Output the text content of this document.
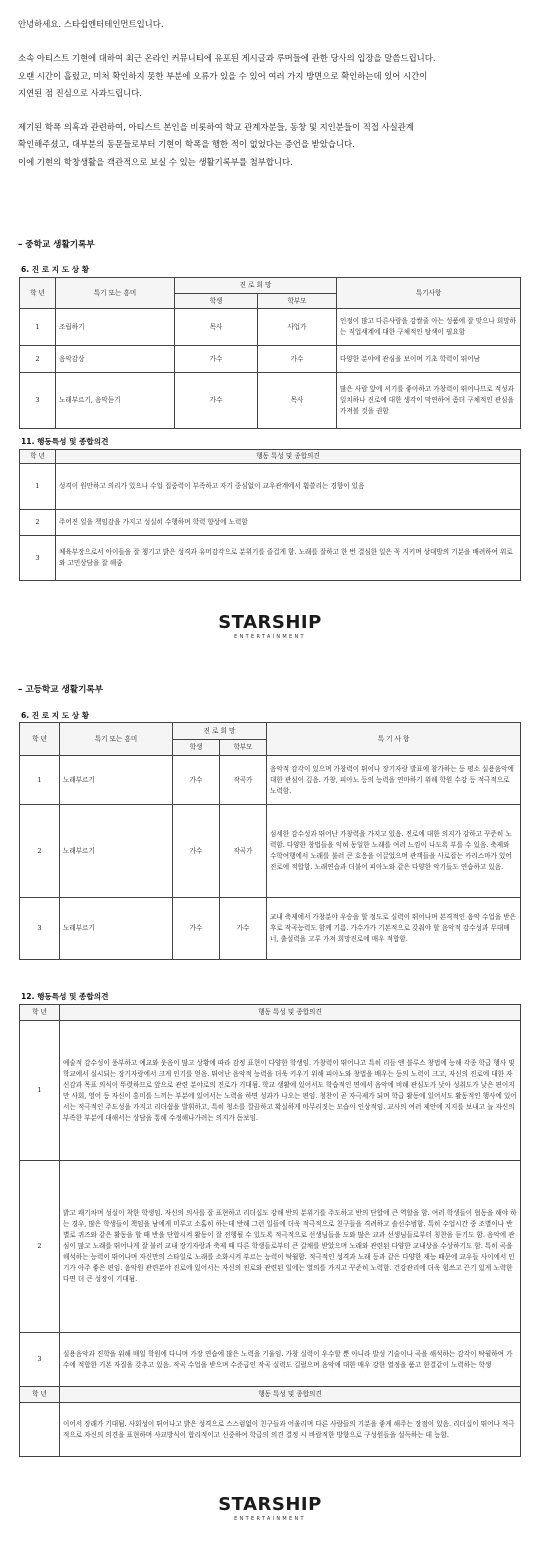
안녕하세요. 스타쉽엔터테인먼트입니다.

소속 아티스트 기현에 대하여 최근 온라인 커뮤니티에 유포된 게시글과 루머들에 관한 당사의 입장을 말씀드립니다.

오랜 시간이 흘렀고, 미처 확인하지 못한 부분에 오류가 있을 수 있어 여러 가지 방면으로 확인하는데 있어 시간이

지연된 점 진심으로 사과드립니다.

제기된 학폭 의혹과 관련하여, 아티스트 본인을 비롯하여 학교 관계자분들, 동창 및 지인분들이 직접 사실관계

확인해주셨고, 대부분의 동문들로부터 기현이 학폭을 행한 적이 없었다는 증언을 받았습니다.

이에 기현의 학창생활을 객관적으로 보실 수 있는 생활기록부를 첨부합니다.

– 중학교 생활기록부
6. 진 로 지 도 상 황
학 년	특기 또는 흥미	진 로 희 망		특기사항
		학생	학부모	
1	조립하기	목사	사업가	인정이 많고 다른사람을 감쌀줄 아는 성품에 잘 맞으나 희망하는 직업세계에 대한 구체적인 탐색이 필요함
2	음악감상	가수	가수	다양한 분야에 관심을 보이며 기초 학력이 뛰어남
3	노래부르기, 음악듣기	가수	목사	많은 사람 앞에 서기를 좋아하고 가창력이 뛰어나므로 적성과 일치하나 진로에 대한 생각이 막연하여 좀더 구체적인 관심을 가져볼 것을 권함
11. 행동특성 및 종합의견
학 년	행동 특성 및 종합의견
1	성격이 원만하고 의리가 있으나 수업 집중력이 부족하고 자기 중심없이 교우관계에서 휩쓸리는 경향이 있음
2	주어진 일을 책임감을 가지고 성실히 수행하며 학력 향상에 노력함
3	체육부장으로서 아이들을 잘 챙기고 밝은 성격과 유머감각으로 분위기를 즐겁게 함. 노래를 잘하고 한 번 결심한 일은 꼭 지키며 상대방의 기분을 배려하여 위로와 고민상담을 잘 해줌
STARSHIP
ENTERTAINMENT
– 고등학교 생활기록부
6. 진 로 지 도 상 황
학 년	특기 또는 흥미	진 로 희 망		특 기 사 항
		학생	학부모	
1	노래부르기	가수	작곡가	음악적 감각이 있으며 가창력이 뛰어나 장기자랑 발표에 참가하는 등 평소 실용음악에 대한 관심이 깊음. 가창, 피아노 등의 능력을 연마하기 위해 학원 수강 등 적극적으로 노력함.
2	노래부르기	가수	작곡가	섬세한 감수성과 뛰어난 가창력을 가지고 있음. 진로에 대한 의지가 강하고 꾸준히 노력함. 다양한 창법들을 익혀 동일한 노래를 여러 느낌이 나도록 부를 수 있음. 축제와 수학여행에서 노래를 불러 큰 호응을 이끌었으며 관객들을 사로잡는 카리스마가 있어 진로에 적합함. 노래연습과 더불어 피아노와 같은 다양한 악기들도 연습하고 있음.
3	노래부르기	가수	가수	교내 축제에서 가창분야 우승을 할 정도로 실력이 뛰어나며 본격적인 음악 수업을 받은 후로 작곡능력도 함께 기름. 가수가가 기본적으로 갖춰야 할 음악적 감수성과 무대매너, 출설력을 고루 가져 희망진로에 매우 적합함.
12. 행동특성 및 종합의견
학 년	행동 특성 및 종합의견
1	예술적 감수성이 풍부하고 예교와 웃음이 많고 상황에 따라 감정 표현이 다양한 학생임. 가창력이 뛰어나고 특히 리듬 앤 블루스 창법에 능해 각종 학급 행사 및 학교에서 실시되는 장기자랑에서 크게 인기를 얻음. 뛰어난 음악적 능력을 더욱 키우기 위해 피아노와 창법을 배우는 등의 노력이 크고, 자신의 진로에 대한 자신감과 목표 의식이 뚜렷하므로 앞으로 관련 분야로의 진로가 기대됨. 학교 생활에 있어서도 학습적인 면에서 음악에 비해 관심도가 낮아 성취도가 낮은 편이지만 사회, 영어 등 자신이 흥미를 느끼는 부분에 있어서는 노력을 하면 성과가 나오는 편임. 청찬이 곧 자극제가 되며 학급 활동에 있어서도 활동적인 행사에 있어서는 적극적인 주도성을 가지고 리더쉽을 발휘하고, 특히 청소를 깔끔하고 확실하게 마무리짓는 모습이 인상적임. 교사의 여러 제안에 지지를 보내고 늘 자신의 부족한 부분에 대해서는 상담을 통해 수정해나가려는 의지가 돋보임.
2	밝고 쾌기차며 성실이 착한 학생임. 자신의 의사를 잘 표현하고 리더십도 강해 반의 분위기를 주도하고 반의 단합에 큰 역할을 함. 여러 학생들이 협동을 해야 하는 경우, 많은 학생들이 책임을 남에게 미루고 소홀히 하는데 반해 그런 일들에 더욱 적극적으로 친구들을 격려하고 솔선수범함. 특히 수업시간 중 조별이나 반별로 퀴즈와 같은 활동을 할 때 반을 단합시켜 활동이 잘 전행될 수 있도록 적극적으로 선생님들을 도와 많은 교과 선생님들로부터 칭찬을 듣기도 함. 음악에 관심이 많고 노래를 뛰어나게 잘 불러 교내 장기자랑과 축제 때 다른 학생들로부터 큰 갈채를 받았으며 노래와 관련된 다양한 교내상을 수상하기도 함. 특히 곡을 해석하는 능력이 뛰어나며 자신만의 스타일로 노래를 소화시켜 부르는 능력이 탁월함. 적극적인 성격과 노래 등과 같은 다양한 재능 때문에 교우들 사이에서 인기가 아주 좋은 편임. 음악원 관련분야 진로에 있어서는 자신의 진로와 관련된 일에는 열의를 가지고 꾸준히 노력함. 건강관리에 더욱 힘쓰고 끈기 있게 노력한다면 더 큰 성장이 기대됨.
3	실용음악과 진학을 위해 매일 학원에 다니며 가장 연습에 많은 노력을 기울임. 가창 실력이 우수할 뿐 아니라 발성 기술이나 곡을 해석하는 감각이 탁월하여 가수에 적합한 기본 자질을 갖추고 있음. 작곡 수업을 받으며 수준급인 작곡 실력도 길렀으며 음악에 대한 매우 강한 열정을 품고 한결같이 노력하는 학생
학 년	행동 특성 및 종합의견
	이어서 장래가 기대됨. 사회성이 뛰어나고 밝은 성격으로 스스럼없이 친구들과 어울리며 다른 사람들의 기분을 좋게 해주는 장점이 있음. 리더십이 뛰어나 적극적으로 자신의 의견을 표현하며 사교방식이 합리적이고 신중하여 학급의 의견 결정 시 바람직한 방향으로 구성원들을 설득하는 데 능함.
STARSHIP
ENTERTAINMENT
